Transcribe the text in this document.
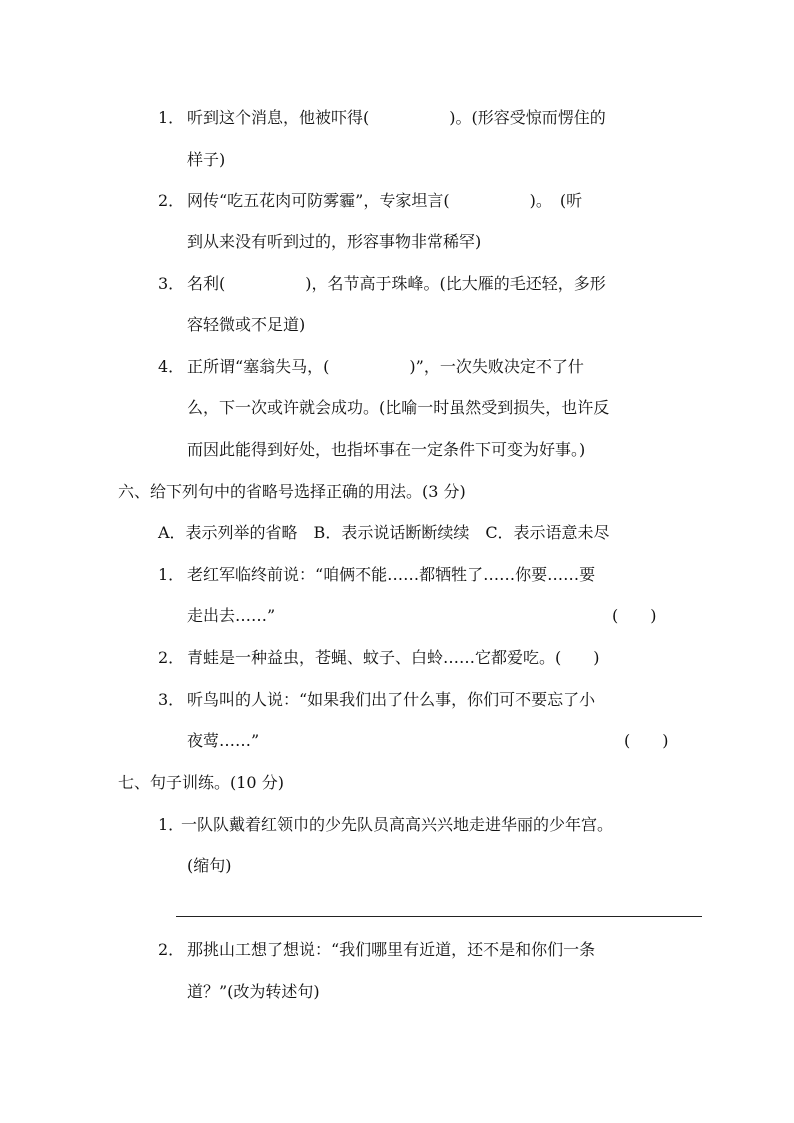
1． 听到这个消息，他被吓得(　　　　　)。(形容受惊而愣住的
样子)
2． 网传“吃五花肉可防雾霾”，专家坦言(　　　　　)。　(听
到从来没有听到过的，形容事物非常稀罕)
3． 名利(　　　　　)，名节高于珠峰。(比大雁的毛还轻，多形
容轻微或不足道)
4． 正所谓“塞翁失马，(　　　　　)”，一次失败决定不了什
么，下一次或许就会成功。(比喻一时虽然受到损失，也许反
而因此能得到好处，也指坏事在一定条件下可变为好事。)
六、给下列句中的省略号选择正确的用法。(3 分)
A．表示列举的省略　B．表示说话断断续续　C．表示语意未尽
1． 老红军临终前说：“咱俩不能……都牺牲了……你要……要
走出去……”	(　　)
2． 青蛙是一种益虫，苍蝇、蚊子、白蛉……它都爱吃。(　　)
3． 听鸟叫的人说：“如果我们出了什么事，你们可不要忘了小
夜莺……”	(　　)
七、句子训练。(10 分)
1．
一队队戴着红领巾的少先队员高高兴兴地走进华丽的少年宫。
(缩句)
2． 那挑山工想了想说：“我们哪里有近道，还不是和你们一条
道？”(改为转述句)
